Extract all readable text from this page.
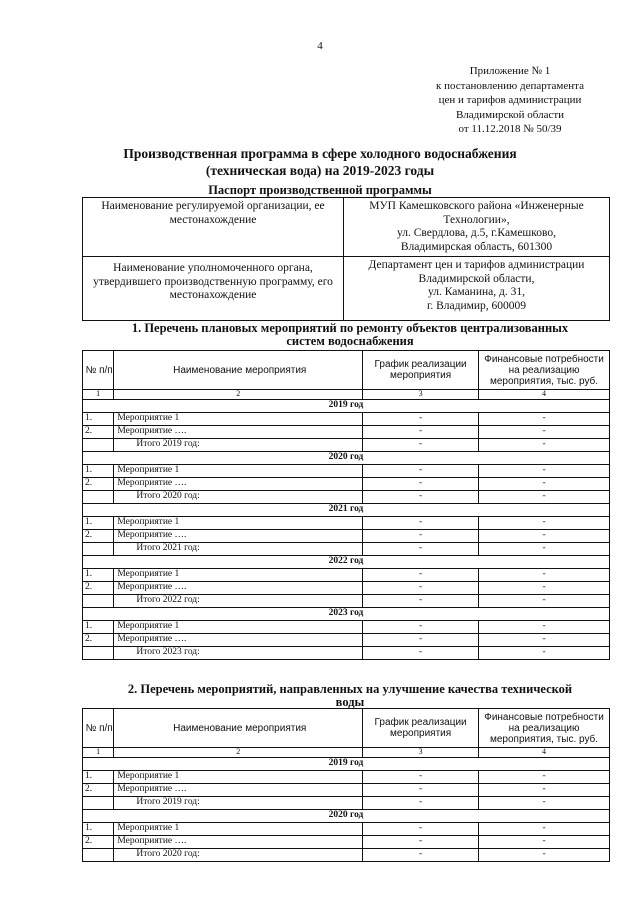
4
Приложение № 1
к постановлению департамента
цен и тарифов администрации
Владимирской области
от 11.12.2018 № 50/39
Производственная программа в сфере холодного водоснабжения
(техническая вода) на 2019-2023 годы
Паспорт производственной программы
Наименование регулируемой организации, ее местонахождение	МУП Камешковского района «Инженерные
Технологии»,
ул. Свердлова, д.5, г.Камешково,
Владимирская область, 601300

Наименование уполномоченного органа, утвердившего производственную программу, его местонахождение	Департамент цен и тарифов администрации
Владимирской области,
ул. Каманина, д. 31,
г. Владимир, 600009
1. Перечень плановых мероприятий по ремонту объектов централизованных
систем водоснабжения
№ п/п	Наименование мероприятия	График реализации мероприятия	Финансовые потребности на реализацию мероприятия, тыс. руб.
1	2	3	4
2019 год			
1.	Мероприятие 1	-	-
2.	Мероприятие ….	-	-
	Итого 2019 год:	-	-
2020 год			
1.	Мероприятие 1	-	-
2.	Мероприятие ….	-	-
	Итого 2020 год:	-	-
2021 год			
1.	Мероприятие 1	-	-
2.	Мероприятие ….	-	-
	Итого 2021 год:	-	-
2022 год			
1.	Мероприятие 1	-	-
2.	Мероприятие ….	-	-
	Итого 2022 год:	-	-
2023 год			
1.	Мероприятие 1	-	-
2.	Мероприятие ….	-	-
	Итого 2023 год:	-	-
2. Перечень мероприятий, направленных на улучшение качества технической
воды
№ п/п	Наименование мероприятия	График реализации мероприятия	Финансовые потребности на реализацию мероприятия, тыс. руб.
1	2	3	4
2019 год			
1.	Мероприятие 1	-	-
2.	Мероприятие ….	-	-
	Итого 2019 год:	-	-
2020 год			
1.	Мероприятие 1	-	-
2.	Мероприятие ….	-	-
	Итого 2020 год:	-	-
